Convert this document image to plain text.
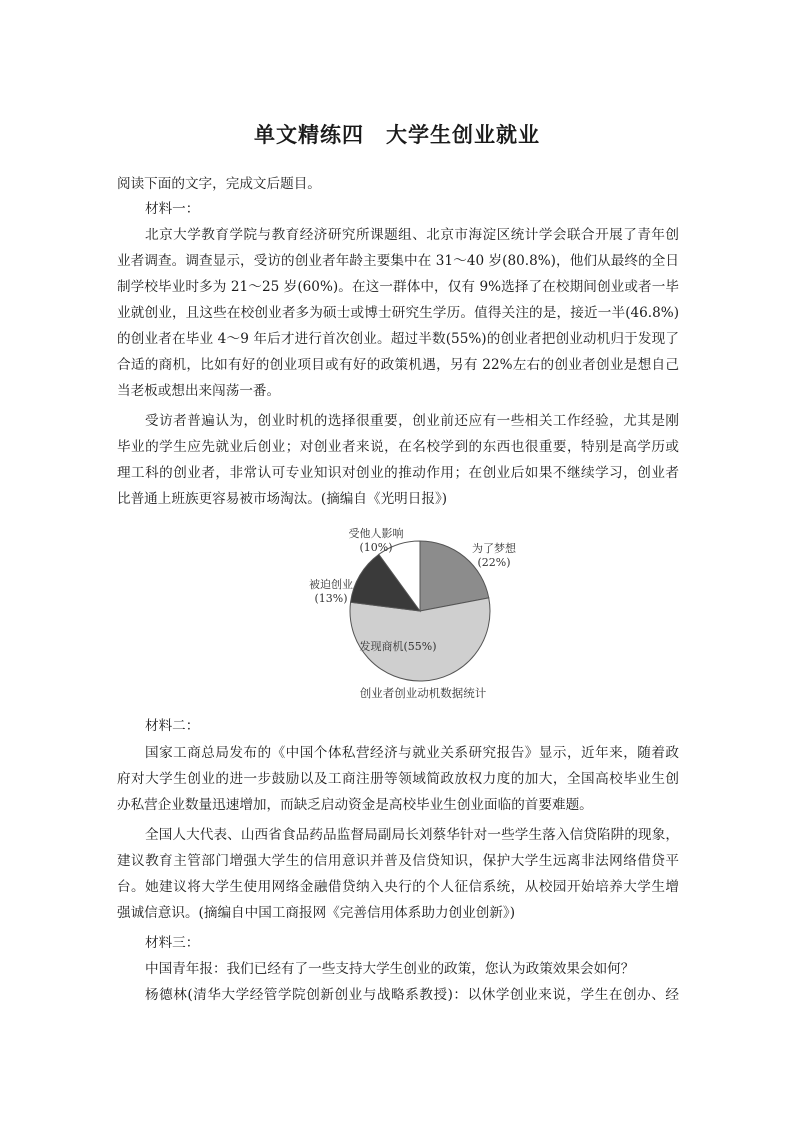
单文精练四 大学生创业就业
阅读下面的文字，完成文后题目。
材料一：
北京大学教育学院与教育经济研究所课题组、北京市海淀区统计学会联合开展了青年创
业者调查。调查显示，受访的创业者年龄主要集中在 31～40 岁(80.8%)，他们从最终的全日
制学校毕业时多为 21～25 岁(60%)。在这一群体中，仅有 9%选择了在校期间创业或者一毕
业就创业，且这些在校创业者多为硕士或博士研究生学历。值得关注的是，接近一半(46.8%)
的创业者在毕业 4～9 年后才进行首次创业。超过半数(55%)的创业者把创业动机归于发现了
合适的商机，比如有好的创业项目或有好的政策机遇，另有 22%左右的创业者创业是想自己
当老板或想出来闯荡一番。
受访者普遍认为，创业时机的选择很重要，创业前还应有一些相关工作经验，尤其是刚
毕业的学生应先就业后创业；对创业者来说，在名校学到的东西也很重要，特别是高学历或
理工科的创业者，非常认可专业知识对创业的推动作用；在创业后如果不继续学习，创业者
比普通上班族更容易被市场淘汰。(摘编自《光明日报》)
为了梦想
(22%)
发现商机(55%)
被迫创业
(13%)
受他人影响
(10%)
创业者创业动机数据统计
材料二：
国家工商总局发布的《中国个体私营经济与就业关系研究报告》显示，近年来，随着政
府对大学生创业的进一步鼓励以及工商注册等领域简政放权力度的加大，全国高校毕业生创
办私营企业数量迅速增加，而缺乏启动资金是高校毕业生创业面临的首要难题。
全国人大代表、山西省食品药品监督局副局长刘蔡华针对一些学生落入信贷陷阱的现象，
建议教育主管部门增强大学生的信用意识并普及信贷知识，保护大学生远离非法网络借贷平
台。她建议将大学生使用网络金融借贷纳入央行的个人征信系统，从校园开始培养大学生增
强诚信意识。(摘编自中国工商报网《完善信用体系助力创业创新》)
材料三：
中国青年报：我们已经有了一些支持大学生创业的政策，您认为政策效果会如何？
杨德林(清华大学经管学院创新创业与战略系教授)：以休学创业来说，学生在创办、经
